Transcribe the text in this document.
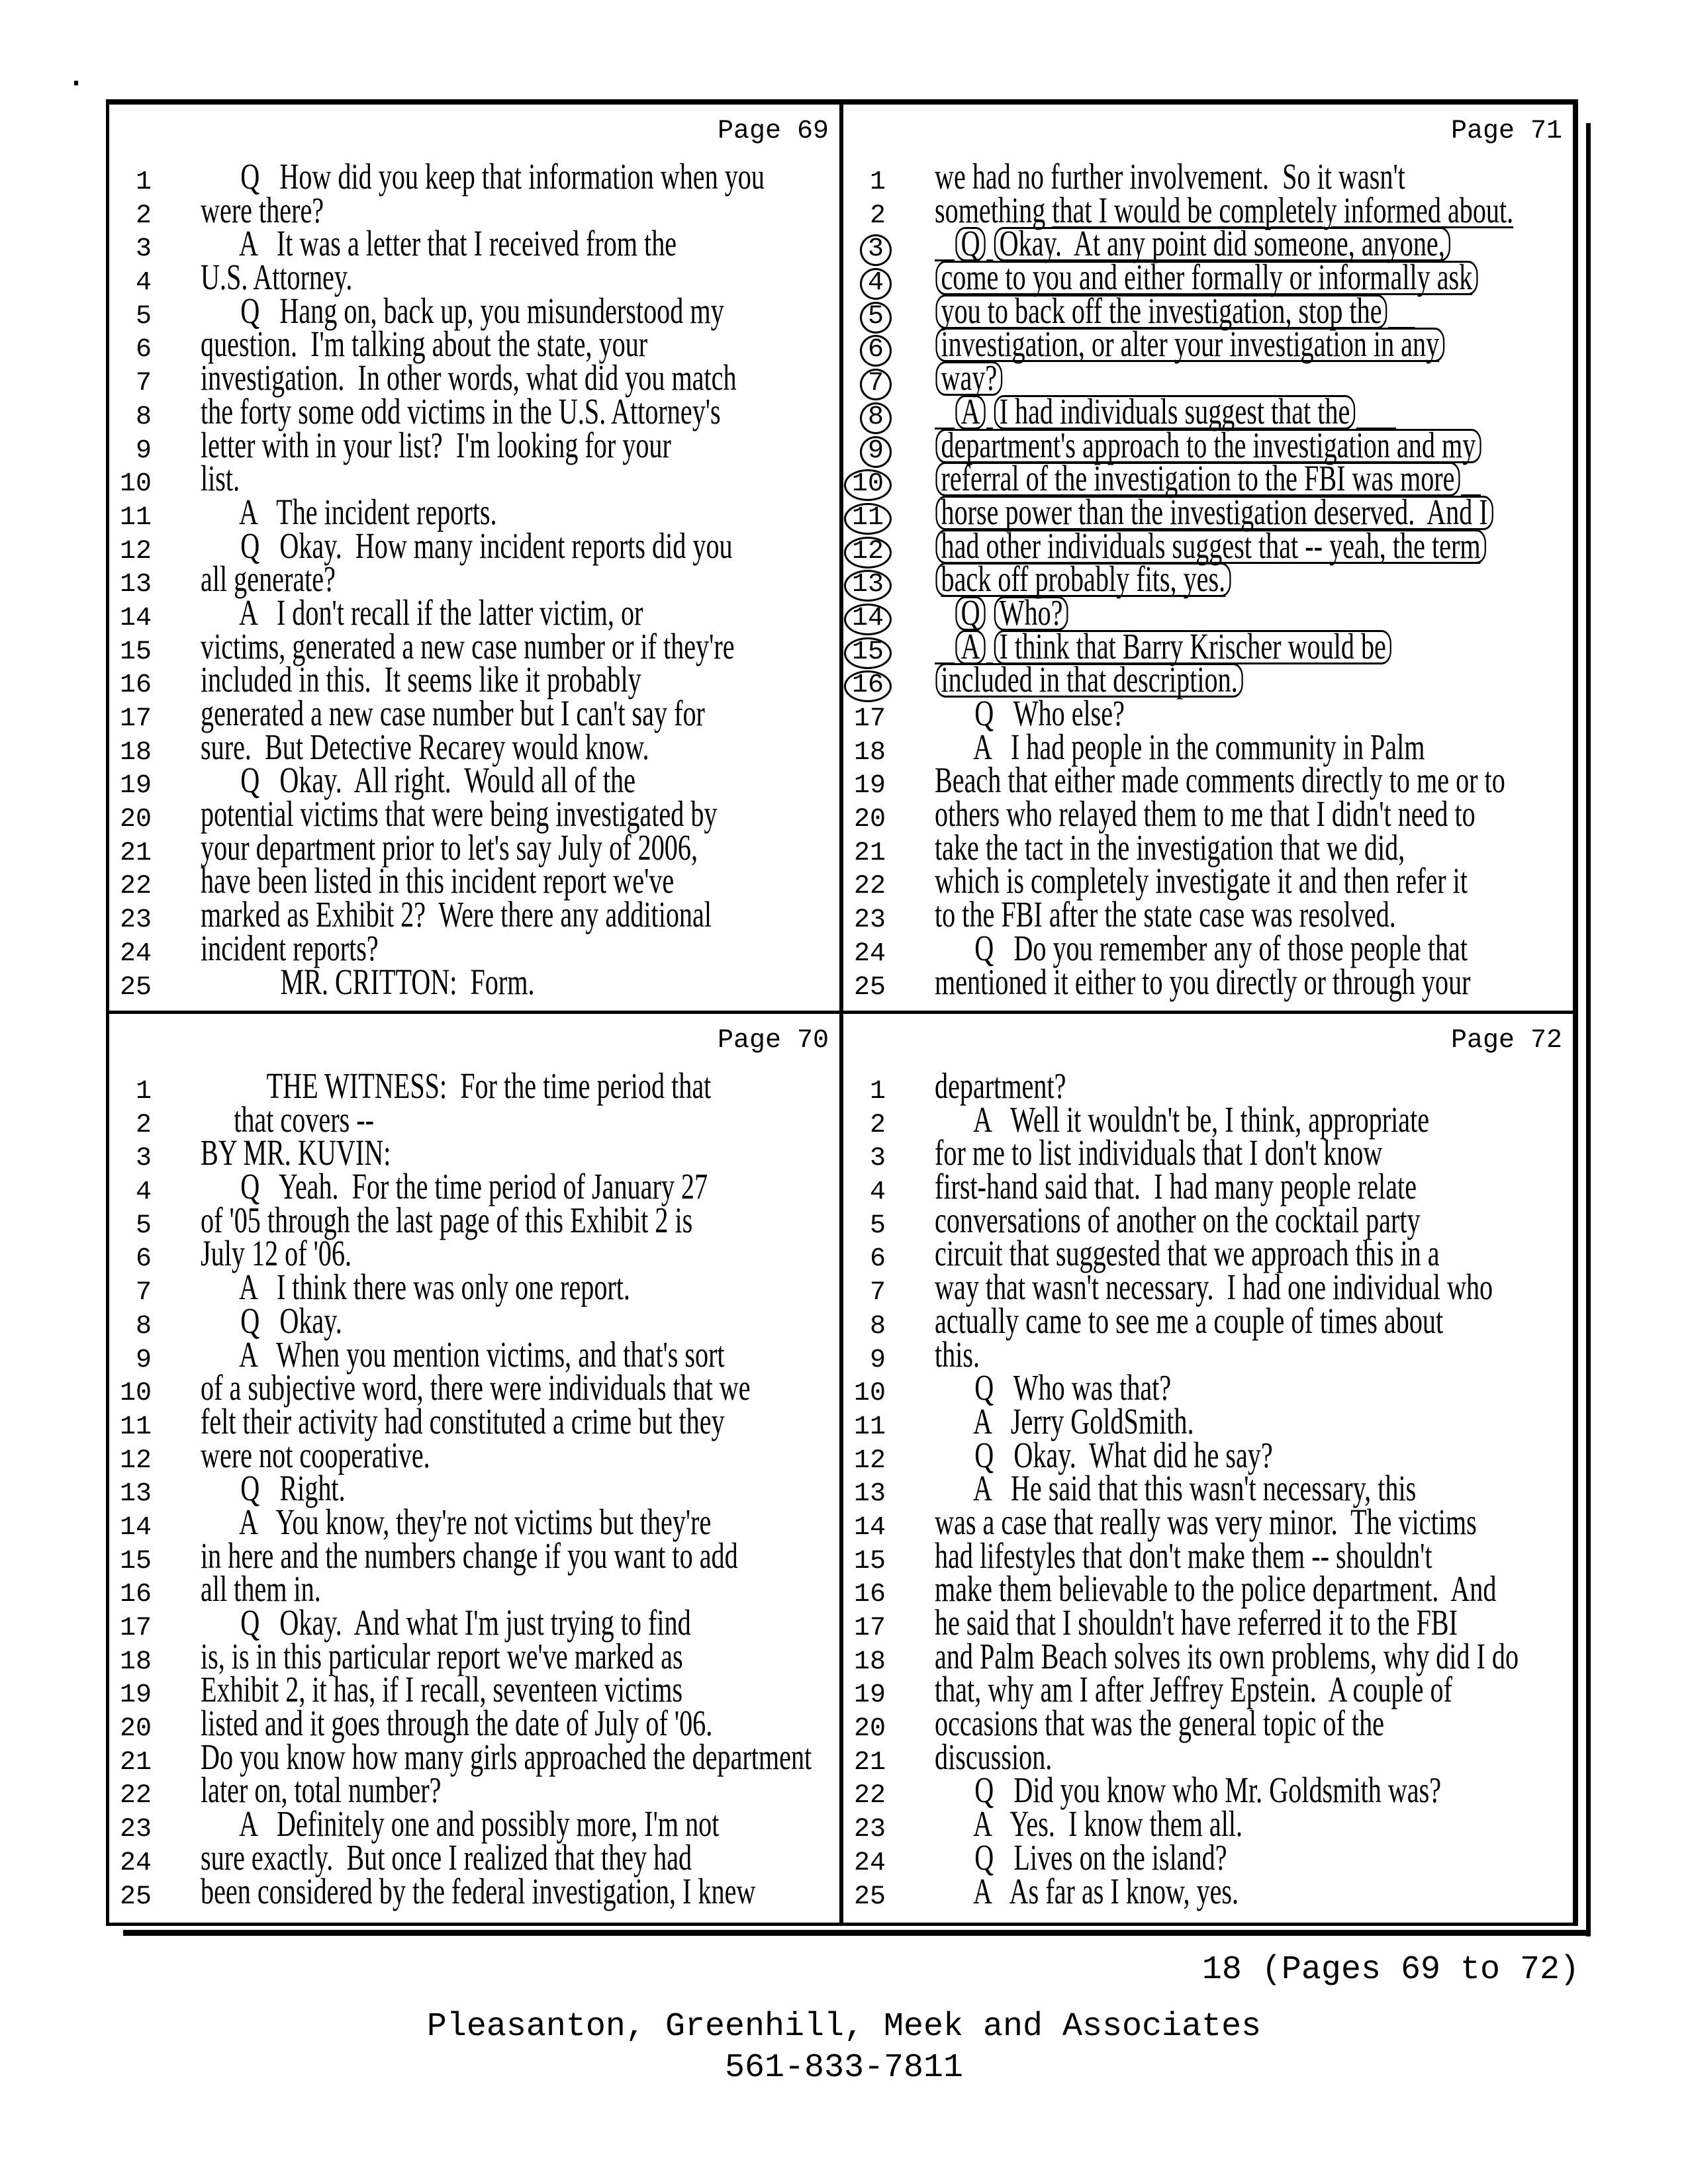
Page 69
1 Q   How did you keep that information when you
2 were there?
3 A   It was a letter that I received from the
4 U.S. Attorney.
5 Q   Hang on, back up, you misunderstood my
6 question.  I'm talking about the state, your
7 investigation.  In other words, what did you match
8 the forty some odd victims in the U.S. Attorney's
9 letter with in your list?  I'm looking for your
10 list.
11 A   The incident reports.
12 Q   Okay.  How many incident reports did you
13 all generate?
14 A   I don't recall if the latter victim, or
15 victims, generated a new case number or if they're
16 included in this.  It seems like it probably
17 generated a new case number but I can't say for
18 sure.  But Detective Recarey would know.
19 Q   Okay.  All right.  Would all of the
20 potential victims that were being investigated by
21 your department prior to let's say July of 2006,
22 have been listed in this incident report we've
23 marked as Exhibit 2?  Were there any additional
24 incident reports?
25 MR. CRITTON:  Form.
Page 71
1 we had no further involvement.  So it wasn't
2 something that I would be completely informed about.
3	Q Okay.  At any point did someone, anyone,
4 come to you and either formally or informally ask
5 you to back off the investigation, stop the
6 investigation, or alter your investigation in any
7 way?
8	A I had individuals suggest that the
9 department's approach to the investigation and my
10 referral of the investigation to the FBI was more
11 horse power than the investigation deserved.  And I
12 had other individuals suggest that -- yeah, the term
13 back off probably fits, yes.
14	Q Who?
15	A I think that Barry Krischer would be
16 included in that description.
17 Q   Who else?
18 A   I had people in the community in Palm
19 Beach that either made comments directly to me or to
20 others who relayed them to me that I didn't need to
21 take the tact in the investigation that we did,
22 which is completely investigate it and then refer it
23 to the FBI after the state case was resolved.
24 Q   Do you remember any of those people that
25 mentioned it either to you directly or through your
Page 70
1 THE WITNESS:  For the time period that
2 that covers --
3 BY MR. KUVIN:
4 Q   Yeah.  For the time period of January 27
5 of '05 through the last page of this Exhibit 2 is
6 July 12 of '06.
7 A   I think there was only one report.
8 Q   Okay.
9 A   When you mention victims, and that's sort
10 of a subjective word, there were individuals that we
11 felt their activity had constituted a crime but they
12 were not cooperative.
13 Q   Right.
14 A   You know, they're not victims but they're
15 in here and the numbers change if you want to add
16 all them in.
17 Q   Okay.  And what I'm just trying to find
18 is, is in this particular report we've marked as
19 Exhibit 2, it has, if I recall, seventeen victims
20 listed and it goes through the date of July of '06.
21 Do you know how many girls approached the department
22 later on, total number?
23 A   Definitely one and possibly more, I'm not
24 sure exactly.  But once I realized that they had
25 been considered by the federal investigation, I knew
Page 72
1 department?
2 A   Well it wouldn't be, I think, appropriate
3 for me to list individuals that I don't know
4 first-hand said that.  I had many people relate
5 conversations of another on the cocktail party
6 circuit that suggested that we approach this in a
7 way that wasn't necessary.  I had one individual who
8 actually came to see me a couple of times about
9 this.
10 Q   Who was that?
11 A   Jerry GoldSmith.
12 Q   Okay.  What did he say?
13 A   He said that this wasn't necessary, this
14 was a case that really was very minor.  The victims
15 had lifestyles that don't make them -- shouldn't
16 make them believable to the police department.  And
17 he said that I shouldn't have referred it to the FBI
18 and Palm Beach solves its own problems, why did I do
19 that, why am I after Jeffrey Epstein.  A couple of
20 occasions that was the general topic of the
21 discussion.
22 Q   Did you know who Mr. Goldsmith was?
23 A   Yes.  I know them all.
24 Q   Lives on the island?
25 A   As far as I know, yes.
18 (Pages 69 to 72)
Pleasanton, Greenhill, Meek and Associates
561-833-7811
